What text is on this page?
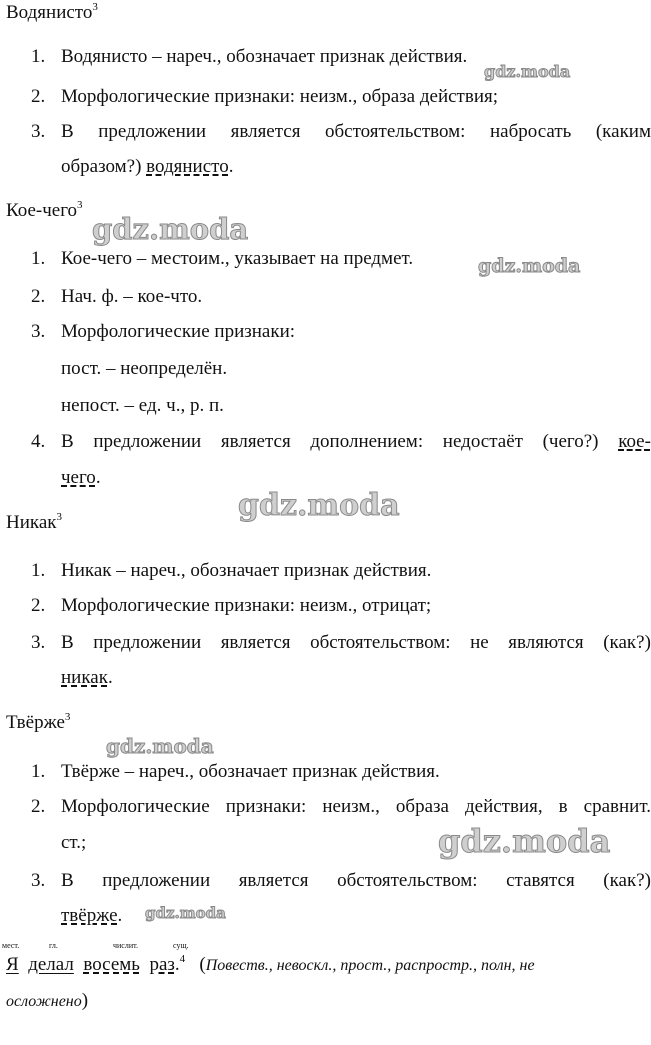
Водянисто$^3$
1. Водянисто – нареч., обозначает признак действия.
2. Морфологические признаки: неизм., образа действия;
3. В предложении является обстоятельством: набросать (каким
образом?) водянисто.
Кое-чего$^3$
1. Кое-чего – местоим., указывает на предмет.
2. Нач. ф. – кое-что.
3. Морфологические признаки:
пост. – неопределён.
непост. – ед. ч., р. п.
4. В предложении является дополнением: недостаёт (чего?) кое-
чего.
Никак$^3$
1. Никак – нареч., обозначает признак действия.
2. Морфологические признаки: неизм., отрицат;
3. В предложении является обстоятельством: не являются (как?)
никак.
Твёрже$^3$
1. Твёрже – нареч., обозначает признак действия.
2. Морфологические признаки: неизм., образа действия, в сравнит.
ст.;
3. В предложении является обстоятельством: ставятся (как?)
твёрже.
мест.	гл.	числит.	сущ.
Я делал восемь раз.$^4$ (Повеств., невоскл., прост., распростр., полн, не
осложнено)
gdz.moda
gdz.moda
gdz.moda
gdz.moda
gdz.moda
gdz.moda
gdz.moda
